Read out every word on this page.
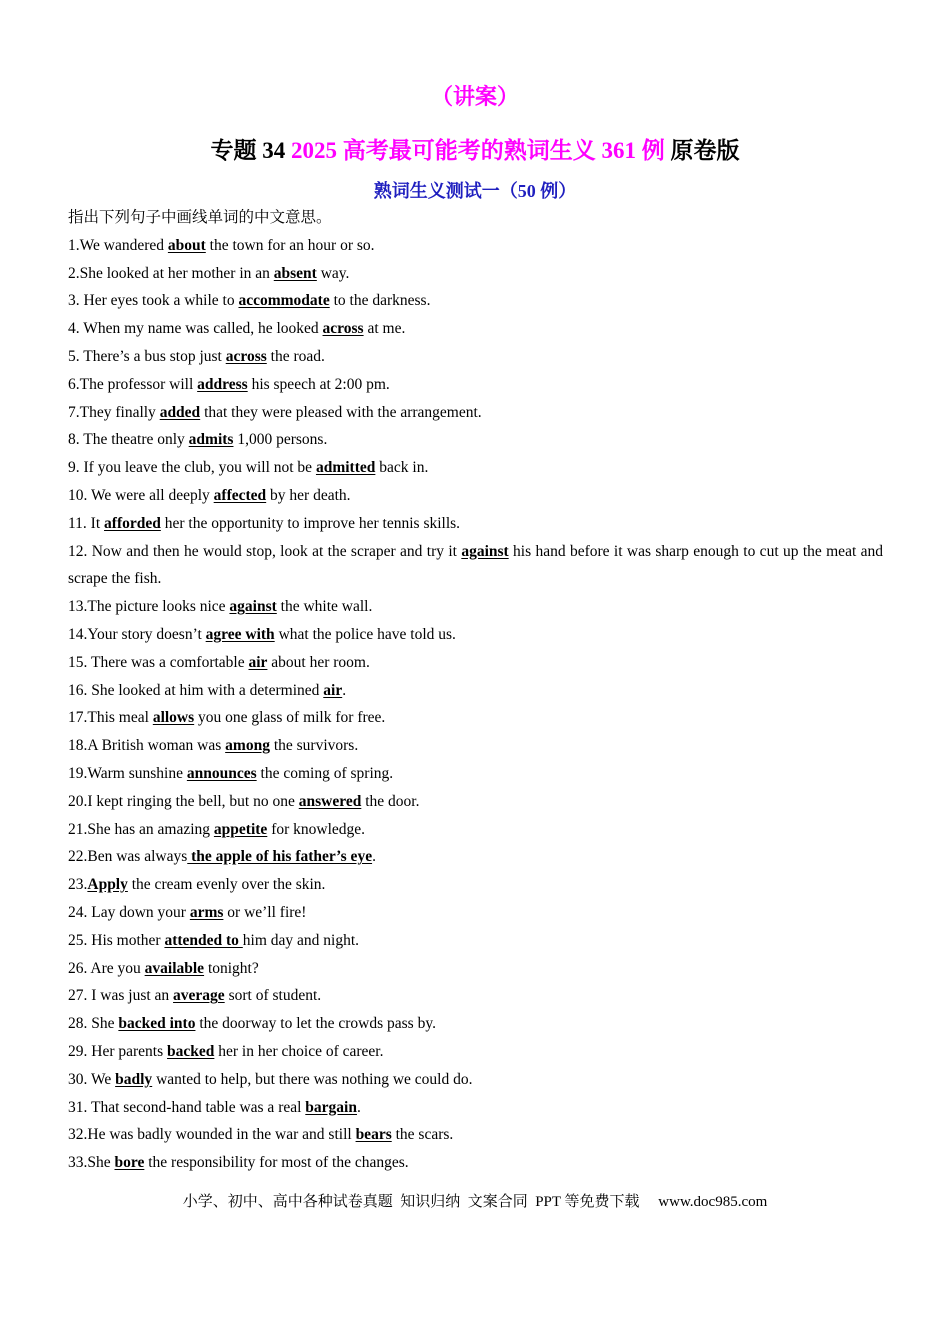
（讲案）
专题 34 2025 高考最可能考的熟词生义 361 例 原卷版
熟词生义测试一（50 例）
指出下列句子中画线单词的中文意思。
1.We wandered about the town for an hour or so.
2.She looked at her mother in an absent way.
3. Her eyes took a while to accommodate to the darkness.
4. When my name was called, he looked across at me.
5. There’s a bus stop just across the road.
6.The professor will address his speech at 2:00 pm.
7.They finally added that they were pleased with the arrangement.
8. The theatre only admits 1,000 persons.
9. If you leave the club, you will not be admitted back in.
10. We were all deeply affected by her death.
11. It afforded her the opportunity to improve her tennis skills.
12. Now and then he would stop, look at the scraper and try it against his hand before it was sharp enough to cut up the meat and scrape the fish.
13.The picture looks nice against the white wall.
14.Your story doesn’t agree with what the police have told us.
15. There was a comfortable air about her room.
16. She looked at him with a determined air.
17.This meal allows you one glass of milk for free.
18.A British woman was among the survivors.
19.Warm sunshine announces the coming of spring.
20.I kept ringing the bell, but no one answered the door.
21.She has an amazing appetite for knowledge.
22.Ben was always the apple of his father’s eye.
23.Apply the cream evenly over the skin.
24. Lay down your arms or we’ll fire!
25. His mother attended to him day and night.
26. Are you available tonight?
27. I was just an average sort of student.
28. She backed into the doorway to let the crowds pass by.
29. Her parents backed her in her choice of career.
30. We badly wanted to help, but there was nothing we could do.
31. That second-hand table was a real bargain.
32.He was badly wounded in the war and still bears the scars.
33.She bore the responsibility for most of the changes.
小学、初中、高中各种试卷真题  知识归纳  文案合同  PPT 等免费下载     www.doc985.com
